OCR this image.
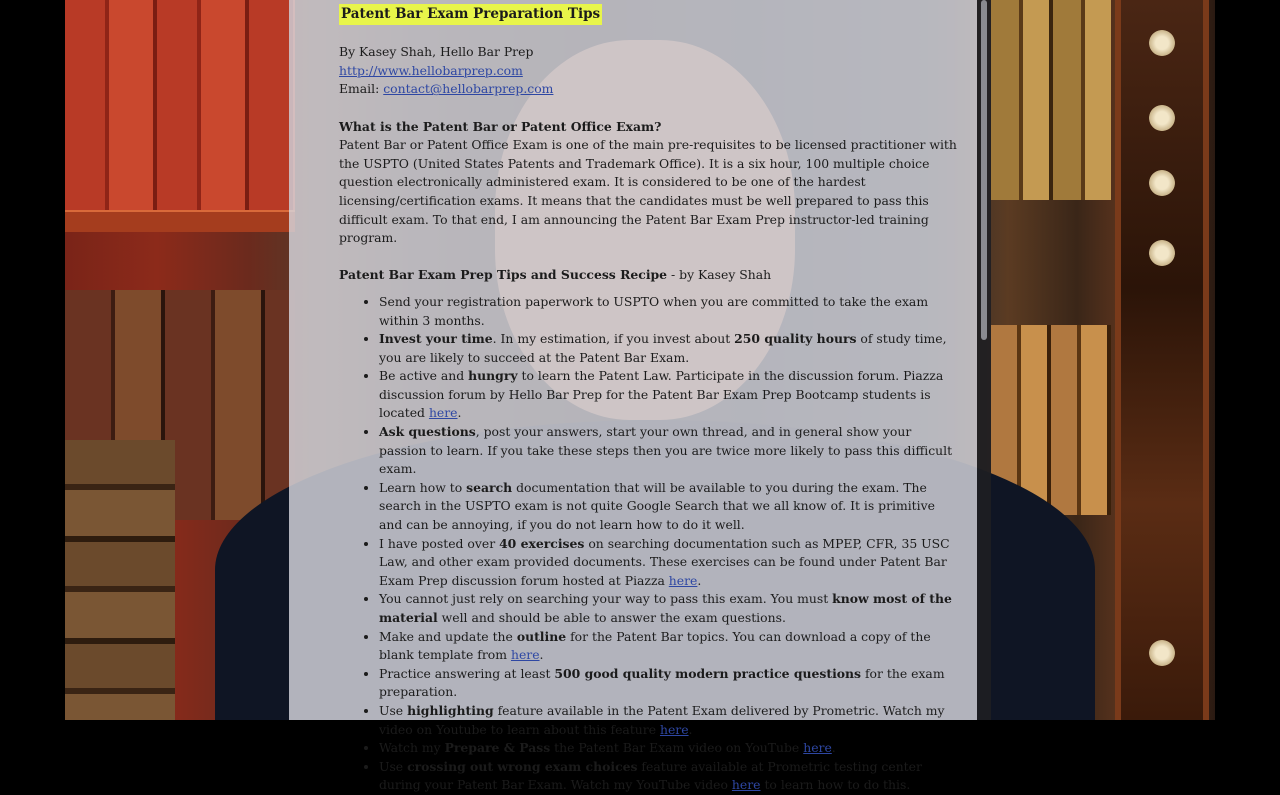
Patent Bar Exam Preparation Tips

By Kasey Shah, Hello Bar Prep

http://www.hellobarprep.com

Email: contact@hellobarprep.com

What is the Patent Bar or Patent Office Exam?

Patent Bar or Patent Office Exam is one of the main pre-requisites to be licensed practitioner with the USPTO (United States Patents and Trademark Office). It is a six hour, 100 multiple choice question electronically administered exam. It is considered to be one of the hardest licensing/certification exams. It means that the candidates must be well prepared to pass this difficult exam. To that end, I am announcing the Patent Bar Exam Prep instructor-led training program.

Patent Bar Exam Prep Tips and Success Recipe - by Kasey Shah

• Send your registration paperwork to USPTO when you are committed to take the exam within 3 months.
• Invest your time. In my estimation, if you invest about 250 quality hours of study time, you are likely to succeed at the Patent Bar Exam.
• Be active and hungry to learn the Patent Law. Participate in the discussion forum. Piazza discussion forum by Hello Bar Prep for the Patent Bar Exam Prep Bootcamp students is located here.
• Ask questions, post your answers, start your own thread, and in general show your passion to learn. If you take these steps then you are twice more likely to pass this difficult exam.
• Learn how to search documentation that will be available to you during the exam. The search in the USPTO exam is not quite Google Search that we all know of. It is primitive and can be annoying, if you do not learn how to do it well.
• I have posted over 40 exercises on searching documentation such as MPEP, CFR, 35 USC Law, and other exam provided documents. These exercises can be found under Patent Bar Exam Prep discussion forum hosted at Piazza here.
• You cannot just rely on searching your way to pass this exam. You must know most of the material well and should be able to answer the exam questions.
• Make and update the outline for the Patent Bar topics. You can download a copy of the blank template from here.
• Practice answering at least 500 good quality modern practice questions for the exam preparation.
• Use highlighting feature available in the Patent Exam delivered by Prometric. Watch my video on Youtube to learn about this feature here.
• Watch my Prepare & Pass the Patent Bar Exam video on YouTube here.
• Use crossing out wrong exam choices feature available at Prometric testing center during your Patent Bar Exam. Watch my YouTube video here to learn how to do this.
